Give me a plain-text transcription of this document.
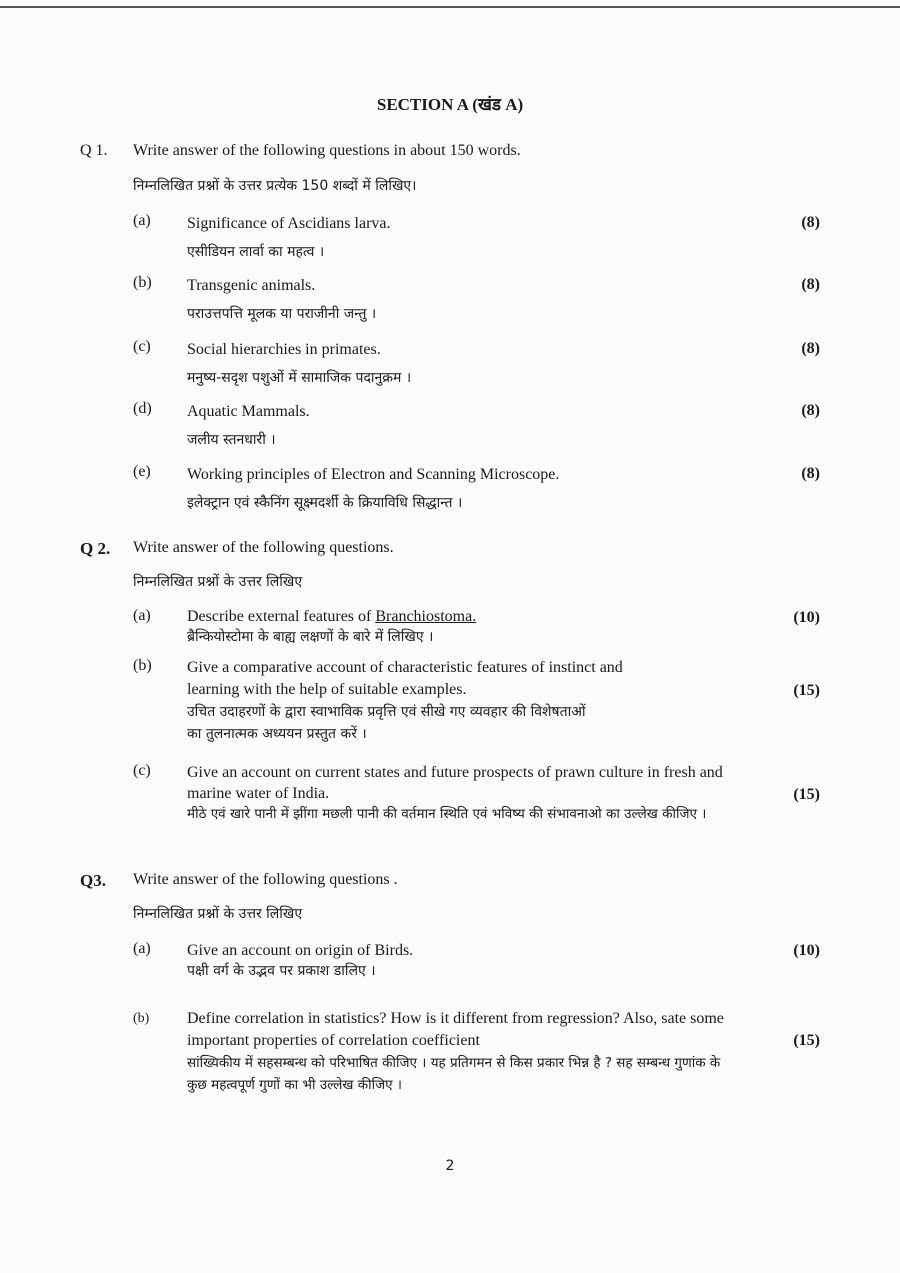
SECTION A (खंड A)
Q 1. Write answer of the following questions in about 150 words.
निम्नलिखित प्रश्नों के उत्तर प्रत्येक 150 शब्दों में लिखिए।
(a) Significance of Ascidians larva.
एसीडियन लार्वा का महत्व ।
(8)
(b) Transgenic animals.
पराउत्तपत्ति मूलक या पराजीनी जन्तु ।
(8)
(c) Social hierarchies in primates.
मनुष्य-सदृश पशुओं में सामाजिक पदानुक्रम ।
(8)
(d) Aquatic Mammals.
जलीय स्तनधारी ।
(8)
(e) Working principles of Electron and Scanning Microscope.
इलेक्ट्रान एवं स्कैनिंग सूक्ष्मदर्शी के क्रियाविधि सिद्धान्त ।
(8)
Q 2. Write answer of the following questions.
निम्नलिखित प्रश्नों के उत्तर लिखिए
(a) Describe external features of Branchiostoma.
ब्रैन्कियोस्टोमा के बाह्य लक्षणों के बारे में लिखिए ।
(10)
(b) Give a comparative account of characteristic features of instinct and
learning with the help of suitable examples.
उचित उदाहरणों के द्वारा स्वाभाविक प्रवृत्ति एवं सीखे गए व्यवहार की विशेषताओं
का तुलनात्मक अध्ययन प्रस्तुत करें ।
(15)
(c) Give an account on current states and future prospects of prawn culture in fresh and
marine water of India.
मीठे एवं खारे पानी में झींगा मछली पानी की वर्तमान स्थिति एवं भविष्य की संभावनाओ का उल्लेख कीजिए ।
(15)
Q3. Write answer of the following questions .
निम्नलिखित प्रश्नों के उत्तर लिखिए
(a) Give an account on origin of Birds.
पक्षी वर्ग के उद्भव पर प्रकाश डालिए ।
(10)
(b) Define correlation in statistics? How is it different from regression? Also, sate some
important properties of correlation coefficient
सांख्यिकीय में सहसम्बन्ध को परिभाषित कीजिए । यह प्रतिगमन से किस प्रकार भिन्न है ? सह सम्बन्ध गुणांक के
कुछ महत्वपूर्ण गुणों का भी उल्लेख कीजिए ।
(15)
2
